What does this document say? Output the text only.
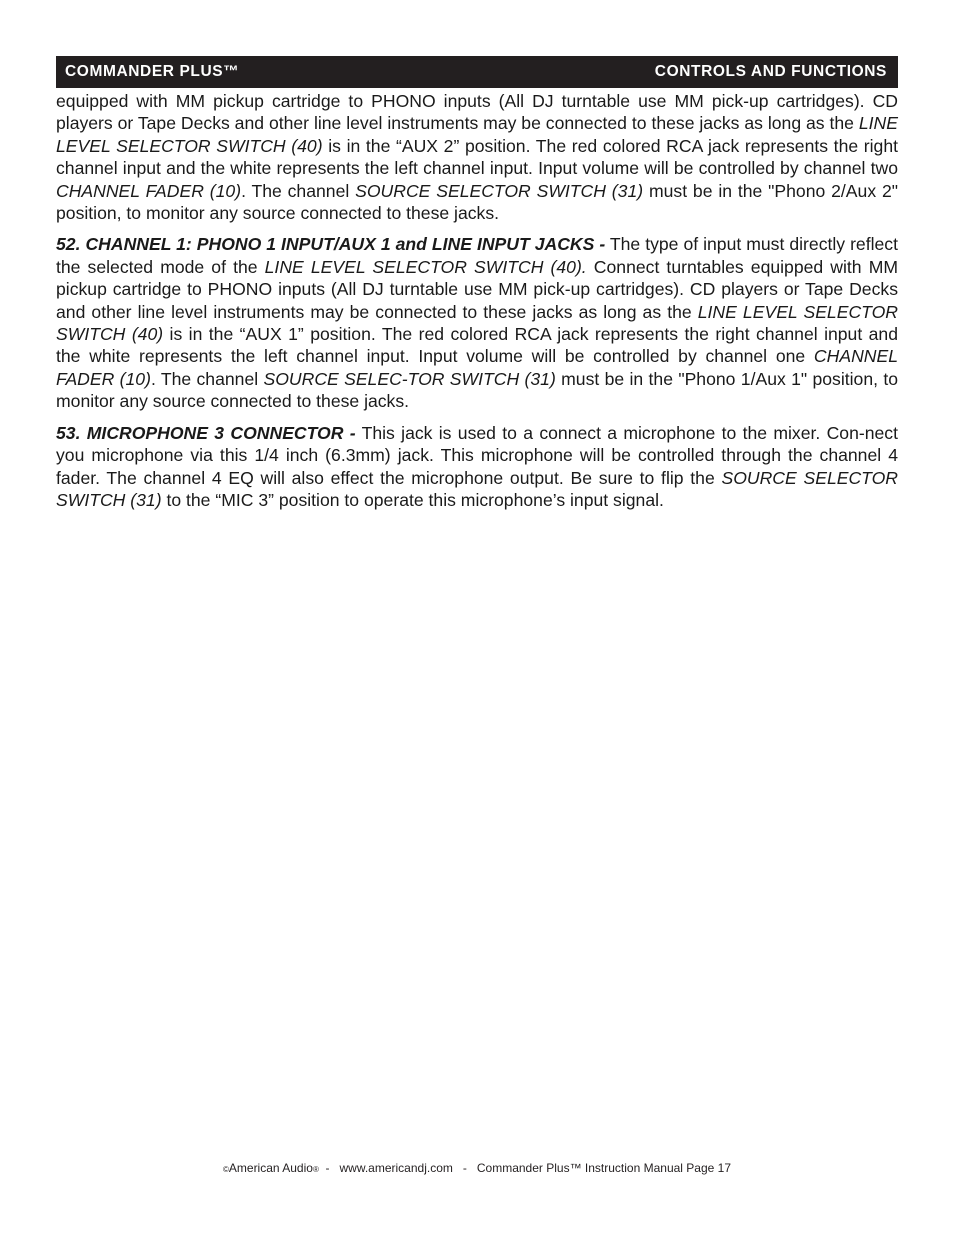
COMMANDER PLUS™	CONTROLS AND FUNCTIONS

equipped with MM pickup cartridge to PHONO inputs (All DJ turntable use MM pick-up cartridges). CD players or Tape Decks and other line level instruments may be connected to these jacks as long as the LINE LEVEL SELECTOR SWITCH (40) is in the “AUX 2” position. The red colored RCA jack represents the right channel input and the white represents the left channel input. Input volume will be controlled by channel two CHANNEL FADER (10). The channel SOURCE SELECTOR SWITCH (31) must be in the "Phono 2/Aux 2" position, to monitor any source connected to these jacks.

52. CHANNEL 1: PHONO 1 INPUT/AUX 1 and LINE INPUT JACKS - The type of input must directly reflect the selected mode of the LINE LEVEL SELECTOR SWITCH (40). Connect turntables equipped with MM pickup cartridge to PHONO inputs (All DJ turntable use MM pick-up cartridges). CD players or Tape Decks and other line level instruments may be connected to these jacks as long as the LINE LEVEL SELECTOR SWITCH (40) is in the “AUX 1” position. The red colored RCA jack represents the right channel input and the white represents the left channel input. Input volume will be controlled by channel one CHANNEL FADER (10). The channel SOURCE SELEC-TOR SWITCH (31) must be in the "Phono 1/Aux 1" position, to monitor any source connected to these jacks.

53. MICROPHONE 3 CONNECTOR - This jack is used to a connect a microphone to the mixer. Con-nect you microphone via this 1/4 inch (6.3mm) jack. This microphone will be controlled through the channel 4 fader. The channel 4 EQ will also effect the microphone output. Be sure to flip the SOURCE SELECTOR SWITCH (31) to the “MIC 3” position to operate this microphone’s input signal.

©American Audio®  -   www.americandj.com   -   Commander Plus™ Instruction Manual Page 17
